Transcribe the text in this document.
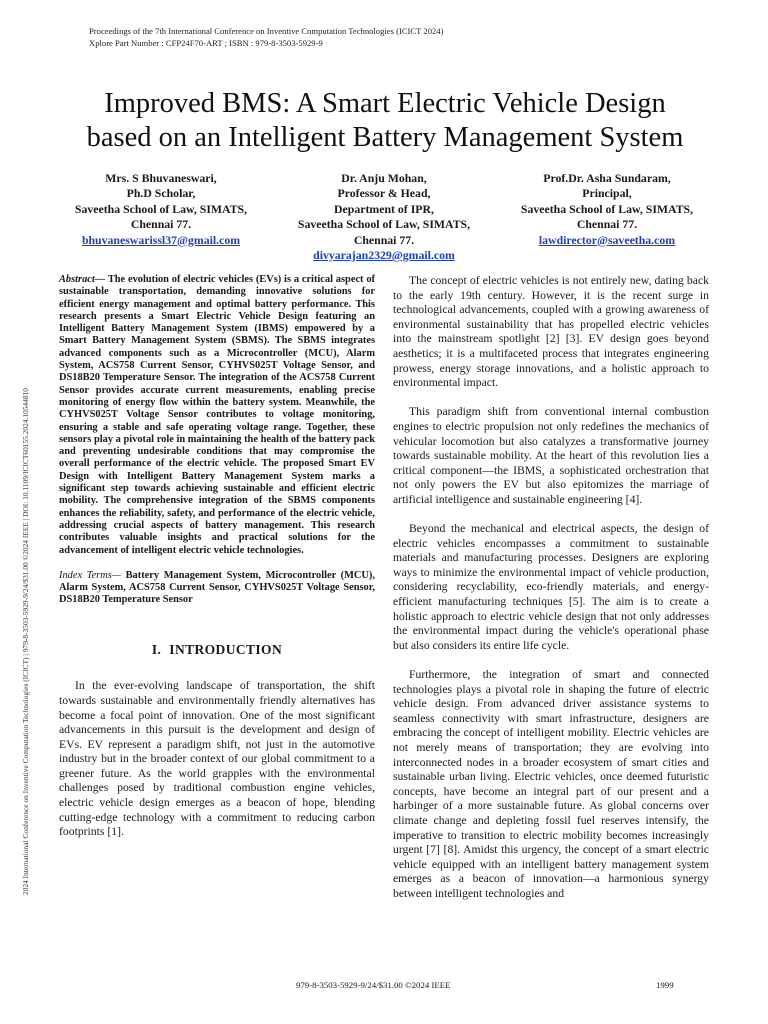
Proceedings of the 7th International Conference on Inventive Computation Technologies (ICICT 2024)
Xplore Part Number : CFP24F70-ART ; ISBN : 979-8-3503-5929-9
2024 International Conference on Inventive Computation Technologies (ICICT) | 979-8-3503-5929-9/24/$31.00 ©2024 IEEE | DOI: 10.1109/ICICT60155.2024.10544810
Improved BMS: A Smart Electric Vehicle Design
based on an Intelligent Battery Management System
Mrs. S Bhuvaneswari,
Ph.D Scholar,
Saveetha School of Law, SIMATS,
Chennai 77.
bhuvaneswarissl37@gmail.com
Dr. Anju Mohan,
Professor & Head,
Department of IPR,
Saveetha School of Law, SIMATS,
Chennai 77.
divyarajan2329@gmail.com
Prof.Dr. Asha Sundaram,
Principal,
Saveetha School of Law, SIMATS,
Chennai 77.
lawdirector@saveetha.com

Abstract— The evolution of electric vehicles (EVs) is a critical aspect of sustainable transportation, demanding innovative solutions for efficient energy management and optimal battery performance. This research presents a Smart Electric Vehicle Design featuring an Intelligent Battery Management System (IBMS) empowered by a Smart Battery Management System (SBMS). The SBMS integrates advanced components such as a Microcontroller (MCU), Alarm System, ACS758 Current Sensor, CYHVS025T Voltage Sensor, and DS18B20 Temperature Sensor. The integration of the ACS758 Current Sensor provides accurate current measurements, enabling precise monitoring of energy flow within the battery system. Meanwhile, the CYHVS025T Voltage Sensor contributes to voltage monitoring, ensuring a stable and safe operating voltage range. Together, these sensors play a pivotal role in maintaining the health of the battery pack and preventing undesirable conditions that may compromise the overall performance of the electric vehicle. The proposed Smart EV Design with Intelligent Battery Management System marks a significant step towards achieving sustainable and efficient electric mobility. The comprehensive integration of the SBMS components enhances the reliability, safety, and performance of the electric vehicle, addressing crucial aspects of battery management. This research contributes valuable insights and practical solutions for the advancement of intelligent electric vehicle technologies.

Index Terms— Battery Management System, Microcontroller (MCU), Alarm System, ACS758 Current Sensor, CYHVS025T Voltage Sensor, DS18B20 Temperature Sensor

I. INTRODUCTION

In the ever-evolving landscape of transportation, the shift towards sustainable and environmentally friendly alternatives has become a focal point of innovation. One of the most significant advancements in this pursuit is the development and design of EVs. EV represent a paradigm shift, not just in the automotive industry but in the broader context of our global commitment to a greener future. As the world grapples with the environmental challenges posed by traditional combustion engine vehicles, electric vehicle design emerges as a beacon of hope, blending cutting-edge technology with a commitment to reducing carbon footprints [1].

The concept of electric vehicles is not entirely new, dating back to the early 19th century. However, it is the recent surge in technological advancements, coupled with a growing awareness of environmental sustainability that has propelled electric vehicles into the mainstream spotlight [2] [3]. EV design goes beyond aesthetics; it is a multifaceted process that integrates engineering prowess, energy storage innovations, and a holistic approach to environmental impact.

This paradigm shift from conventional internal combustion engines to electric propulsion not only redefines the mechanics of vehicular locomotion but also catalyzes a transformative journey towards sustainable mobility. At the heart of this revolution lies a critical component—the IBMS, a sophisticated orchestration that not only powers the EV but also epitomizes the marriage of artificial intelligence and sustainable engineering [4].

Beyond the mechanical and electrical aspects, the design of electric vehicles encompasses a commitment to sustainable materials and manufacturing processes. Designers are exploring ways to minimize the environmental impact of vehicle production, considering recyclability, eco-friendly materials, and energy-efficient manufacturing techniques [5]. The aim is to create a holistic approach to electric vehicle design that not only addresses the environmental impact during the vehicle's operational phase but also considers its entire life cycle.

Furthermore, the integration of smart and connected technologies plays a pivotal role in shaping the future of electric vehicle design. From advanced driver assistance systems to seamless connectivity with smart infrastructure, designers are embracing the concept of intelligent mobility. Electric vehicles are not merely means of transportation; they are evolving into interconnected nodes in a broader ecosystem of smart cities and sustainable urban living. Electric vehicles, once deemed futuristic concepts, have become an integral part of our present and a harbinger of a more sustainable future. As global concerns over climate change and depleting fossil fuel reserves intensify, the imperative to transition to electric mobility becomes increasingly urgent [7] [8]. Amidst this urgency, the concept of a smart electric vehicle equipped with an intelligent battery management system emerges as a beacon of innovation—a harmonious synergy between intelligent technologies and

979-8-3503-5929-9/24/$31.00 ©2024 IEEE	1999
